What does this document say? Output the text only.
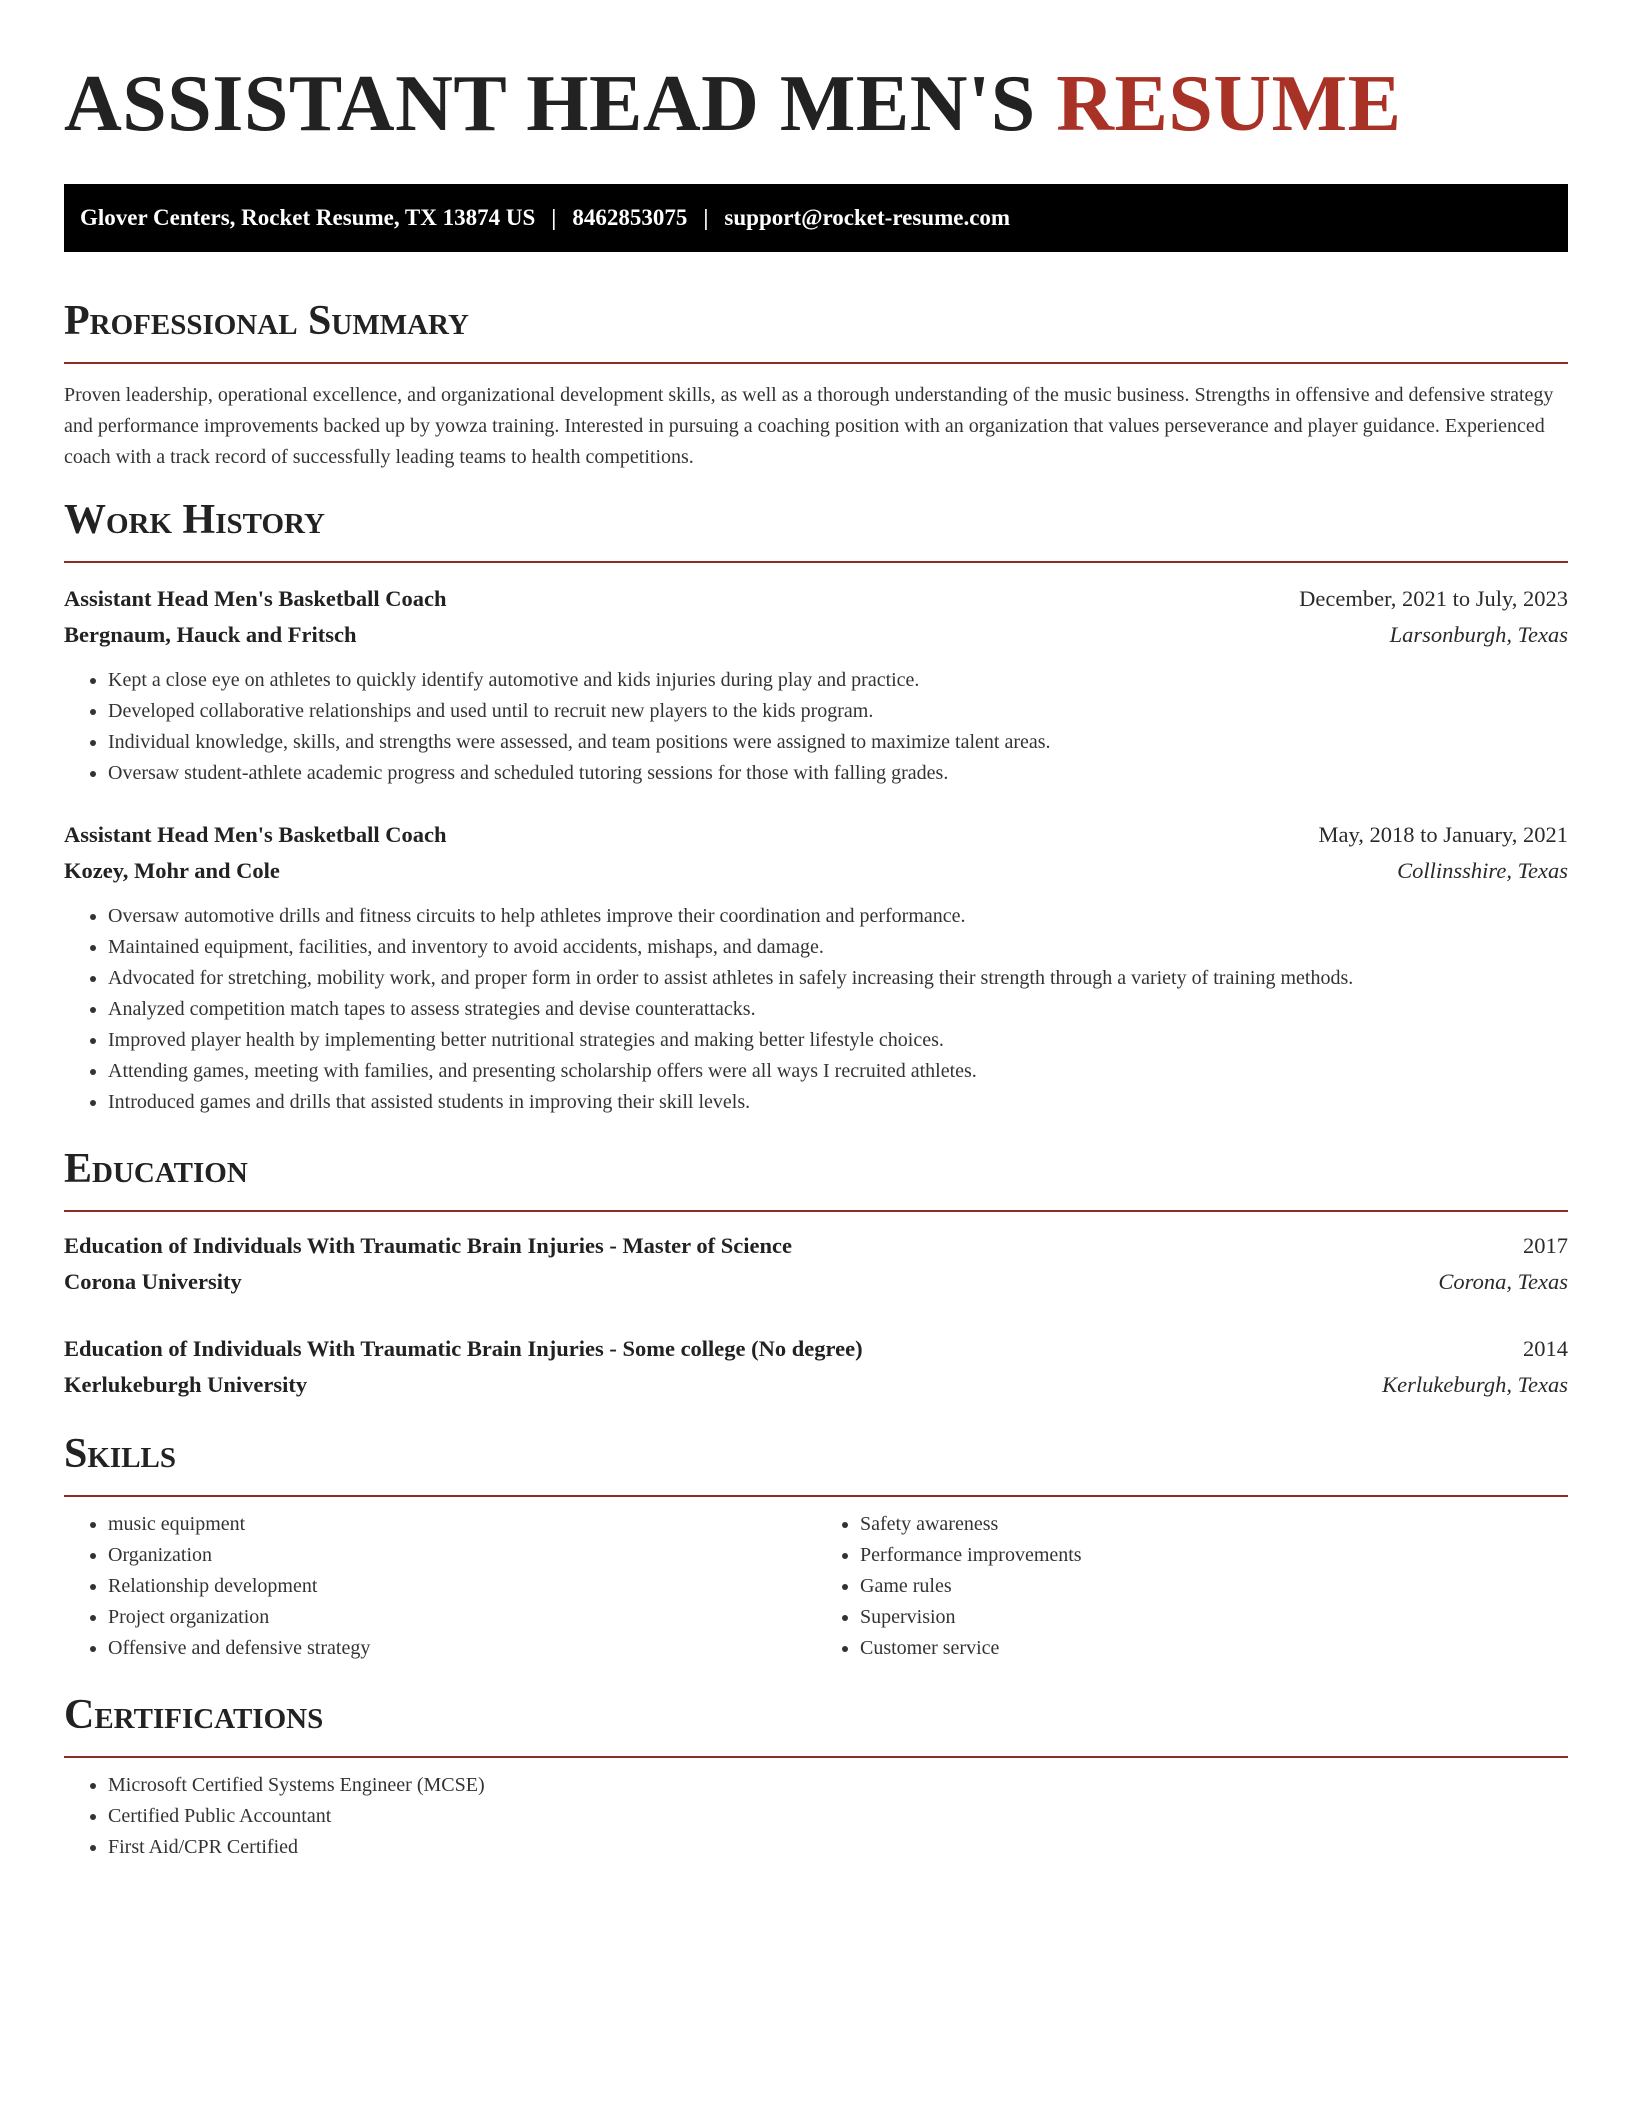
ASSISTANT HEAD MEN'S RESUME
Glover Centers, Rocket Resume, TX 13874 US | 8462853075 | support@rocket-resume.com
Professional Summary

Proven leadership, operational excellence, and organizational development skills, as well as a thorough understanding of the music business. Strengths in offensive and defensive strategy and performance improvements backed up by yowza training. Interested in pursuing a coaching position with an organization that values perseverance and player guidance. Experienced coach with a track record of successfully leading teams to health competitions.

Work History
Assistant Head Men's Basketball Coach	December, 2021 to July, 2023
Bergnaum, Hauck and Fritsch	Larsonburgh, Texas
• Kept a close eye on athletes to quickly identify automotive and kids injuries during play and practice.
• Developed collaborative relationships and used until to recruit new players to the kids program.
• Individual knowledge, skills, and strengths were assessed, and team positions were assigned to maximize talent areas.
• Oversaw student-athlete academic progress and scheduled tutoring sessions for those with falling grades.
Assistant Head Men's Basketball Coach	May, 2018 to January, 2021
Kozey, Mohr and Cole	Collinsshire, Texas
• Oversaw automotive drills and fitness circuits to help athletes improve their coordination and performance.
• Maintained equipment, facilities, and inventory to avoid accidents, mishaps, and damage.
• Advocated for stretching, mobility work, and proper form in order to assist athletes in safely increasing their strength through a variety of training methods.
• Analyzed competition match tapes to assess strategies and devise counterattacks.
• Improved player health by implementing better nutritional strategies and making better lifestyle choices.
• Attending games, meeting with families, and presenting scholarship offers were all ways I recruited athletes.
• Introduced games and drills that assisted students in improving their skill levels.
Education
Education of Individuals With Traumatic Brain Injuries - Master of Science	2017
Corona University	Corona, Texas
Education of Individuals With Traumatic Brain Injuries - Some college (No degree)	2014
Kerlukeburgh University	Kerlukeburgh, Texas
Skills
• music equipment
• Organization
• Relationship development
• Project organization
• Offensive and defensive strategy
• Safety awareness
• Performance improvements
• Game rules
• Supervision
• Customer service
Certifications
• Microsoft Certified Systems Engineer (MCSE)
• Certified Public Accountant
• First Aid/CPR Certified
